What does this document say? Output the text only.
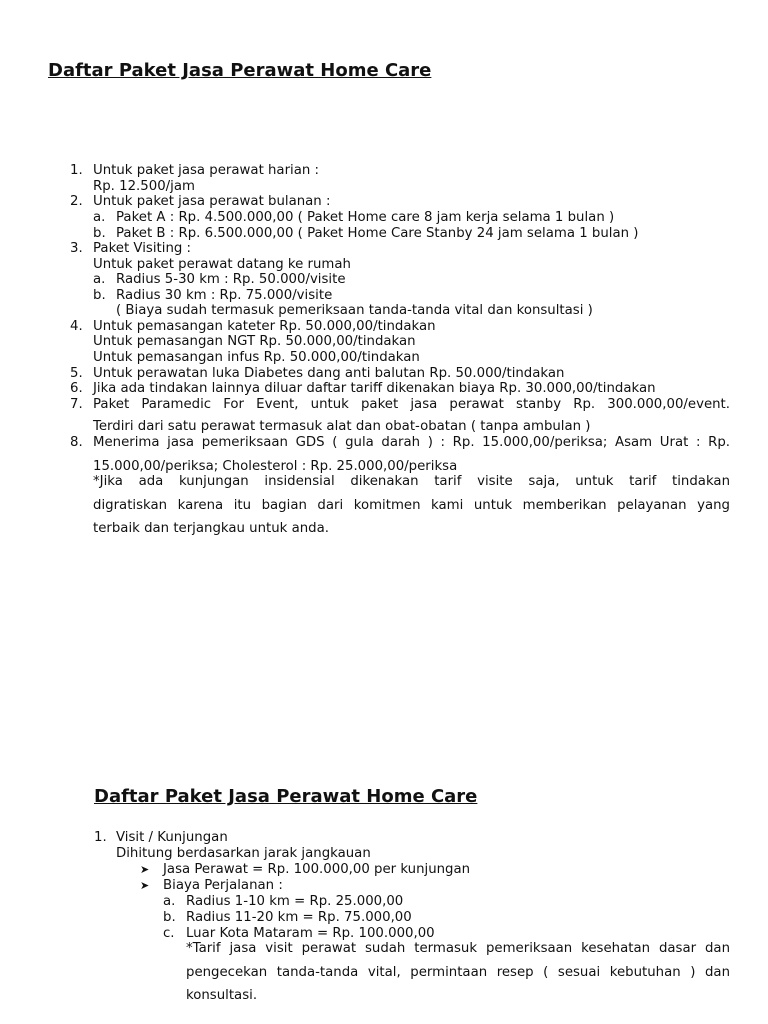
Daftar Paket Jasa Perawat Home Care
1. Untuk paket jasa perawat harian :
Rp. 12.500/jam
2. Untuk paket jasa perawat bulanan :
a. Paket A : Rp. 4.500.000,00 ( Paket Home care 8 jam kerja selama 1 bulan )
b. Paket B : Rp. 6.500.000,00 ( Paket Home Care Stanby 24 jam selama 1 bulan )
3. Paket Visiting :
Untuk paket perawat datang ke rumah
a. Radius 5-30 km : Rp. 50.000/visite
b. Radius 30 km : Rp. 75.000/visite
( Biaya sudah termasuk pemeriksaan tanda-tanda vital dan konsultasi )
4. Untuk pemasangan kateter Rp. 50.000,00/tindakan
Untuk pemasangan NGT Rp. 50.000,00/tindakan
Untuk pemasangan infus Rp. 50.000,00/tindakan
5. Untuk perawatan luka Diabetes dang anti balutan Rp. 50.000/tindakan
6. Jika ada tindakan lainnya diluar daftar tariff dikenakan biaya Rp. 30.000,00/tindakan
7. Paket Paramedic For Event, untuk paket jasa perawat stanby Rp. 300.000,00/event.
Terdiri dari satu perawat termasuk alat dan obat-obatan ( tanpa ambulan )
8. Menerima jasa pemeriksaan GDS ( gula darah ) : Rp. 15.000,00/periksa; Asam Urat : Rp.
15.000,00/periksa; Cholesterol : Rp. 25.000,00/periksa
*Jika ada kunjungan insidensial dikenakan tarif visite saja, untuk tarif tindakan
digratiskan karena itu bagian dari komitmen kami untuk memberikan pelayanan yang
terbaik dan terjangkau untuk anda.
Daftar Paket Jasa Perawat Home Care
1. Visit / Kunjungan
Dihitung berdasarkan jarak jangkauan
➤ Jasa Perawat = Rp. 100.000,00 per kunjungan
➤ Biaya Perjalanan :
a. Radius 1-10 km = Rp. 25.000,00
b. Radius 11-20 km = Rp. 75.000,00
c. Luar Kota Mataram = Rp. 100.000,00
*Tarif jasa visit perawat sudah termasuk pemeriksaan kesehatan dasar dan
pengecekan tanda-tanda vital, permintaan resep ( sesuai kebutuhan ) dan
konsultasi.
